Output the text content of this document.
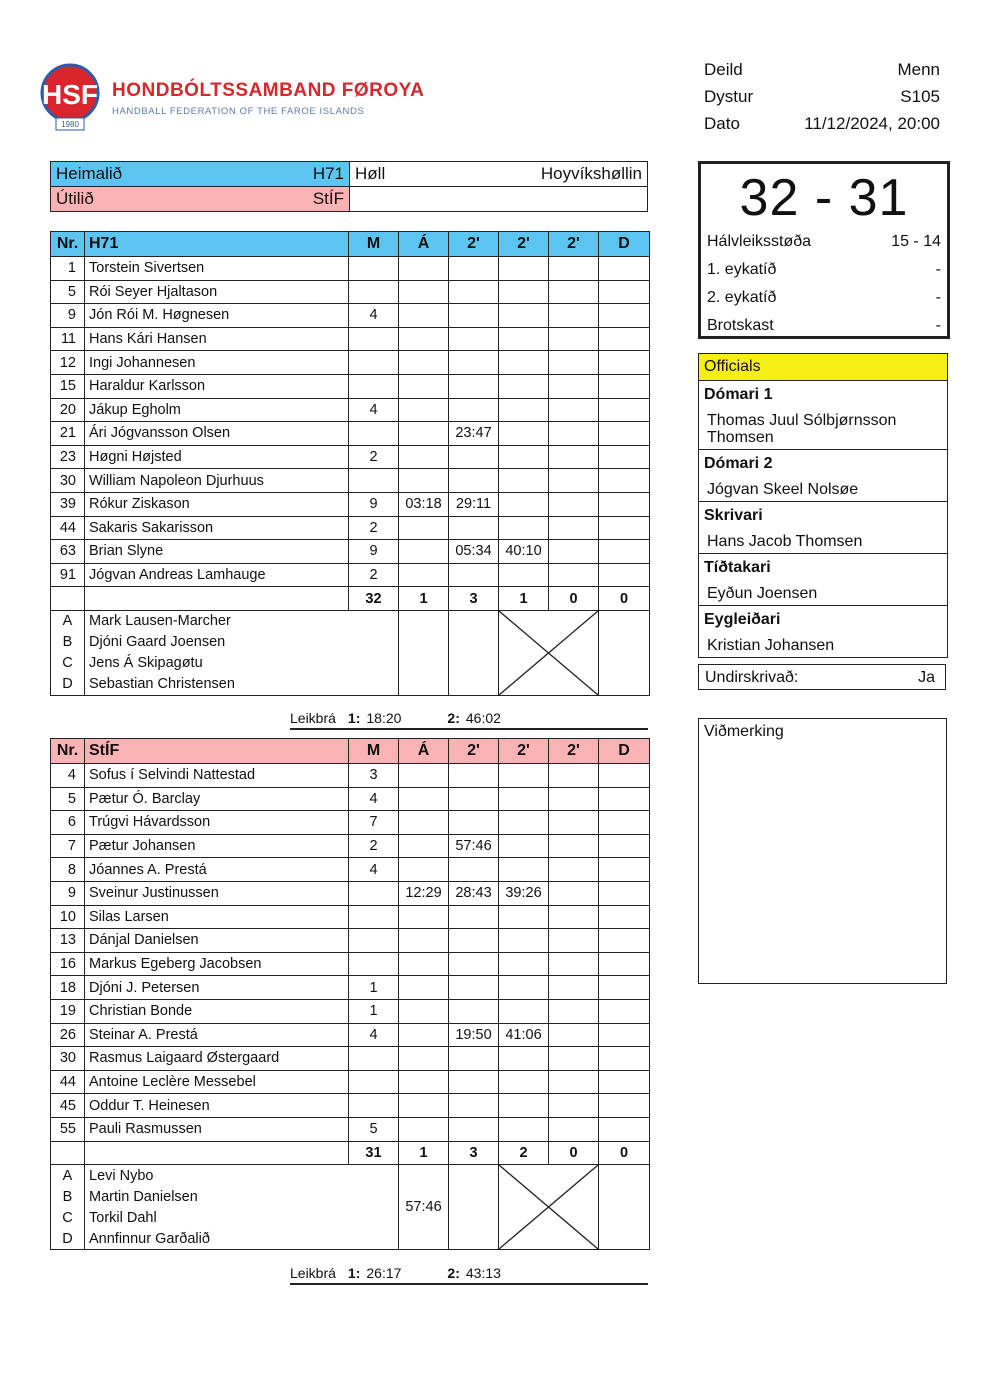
HSF
1980
HONDBÓLTSSAMBAND FØROYA
HANDBALL FEDERATION OF THE FAROE ISLANDS
Deild	Menn
Dystur	S105
Dato	11/12/2024, 20:00
Heimalið H71	Høll Hoyvíkshøllin

Útilið StÍF	

Nr.	H71	M	Á	2'	2'	2'	D	
1	Torstein Sivertsen							
5	Rói Seyer Hjaltason							
9	Jón Rói M. Høgnesen	4						
11	Hans Kári Hansen							
12	Ingi Johannesen							
15	Haraldur Karlsson							
20	Jákup Egholm	4						
21	Ári Jógvansson Olsen			23:47				
23	Høgni Højsted	2						
30	William Napoleon Djurhuus							
39	Rókur Ziskason	9	03:18	29:11				
44	Sakaris Sakarisson	2						
63	Brian Slyne	9		05:34	40:10			
91	Jógvan Andreas Lamhauge	2						
		32	1	3	1	0	0	
A	Mark Lausen-Marcher			

B	Djóni Gaard Joensen							
C	Jens Á Skipagøtu							
D	Sebastian Christensen							
Leikbrá 1: 18:20	2: 46:02
Nr.	StÍF	M	Á	2'	2'	2'	D	
4	Sofus í Selvindi Nattestad	3						
5	Pætur Ó. Barclay	4						
6	Trúgvi Hávardsson	7						
7	Pætur Johansen	2		57:46				
8	Jóannes A. Prestá	4						
9	Sveinur Justinussen		12:29	28:43	39:26			
10	Silas Larsen							
13	Dánjal Danielsen							
16	Markus Egeberg Jacobsen							
18	Djóni J. Petersen	1						
19	Christian Bonde	1						
26	Steinar A. Prestá	4		19:50	41:06			
30	Rasmus Laigaard Østergaard							
44	Antoine Leclère Messebel							
45	Oddur T. Heinesen							
55	Pauli Rasmussen	5						
		31	1	3	2	0	0	
A	Levi Nybo		57:46		

B	Martin Danielsen							
C	Torkil Dahl							
D	Annfinnur Garðalið							
Leikbrá 1: 26:17	2: 43:13
32 - 31
Hálvleiksstøða	15 - 14
1. eykatíð	-
2. eykatíð	-
Brotskast	-
Officials
Dómari 1
Thomas Juul Sólbjørnsson Thomsen
Dómari 2
Jógvan Skeel Nolsøe
Skrivari
Hans Jacob Thomsen
Tíðtakari
Eyðun Joensen
Eygleiðari
Kristian Johansen
Undirskrivað:	Ja
Viðmerking
